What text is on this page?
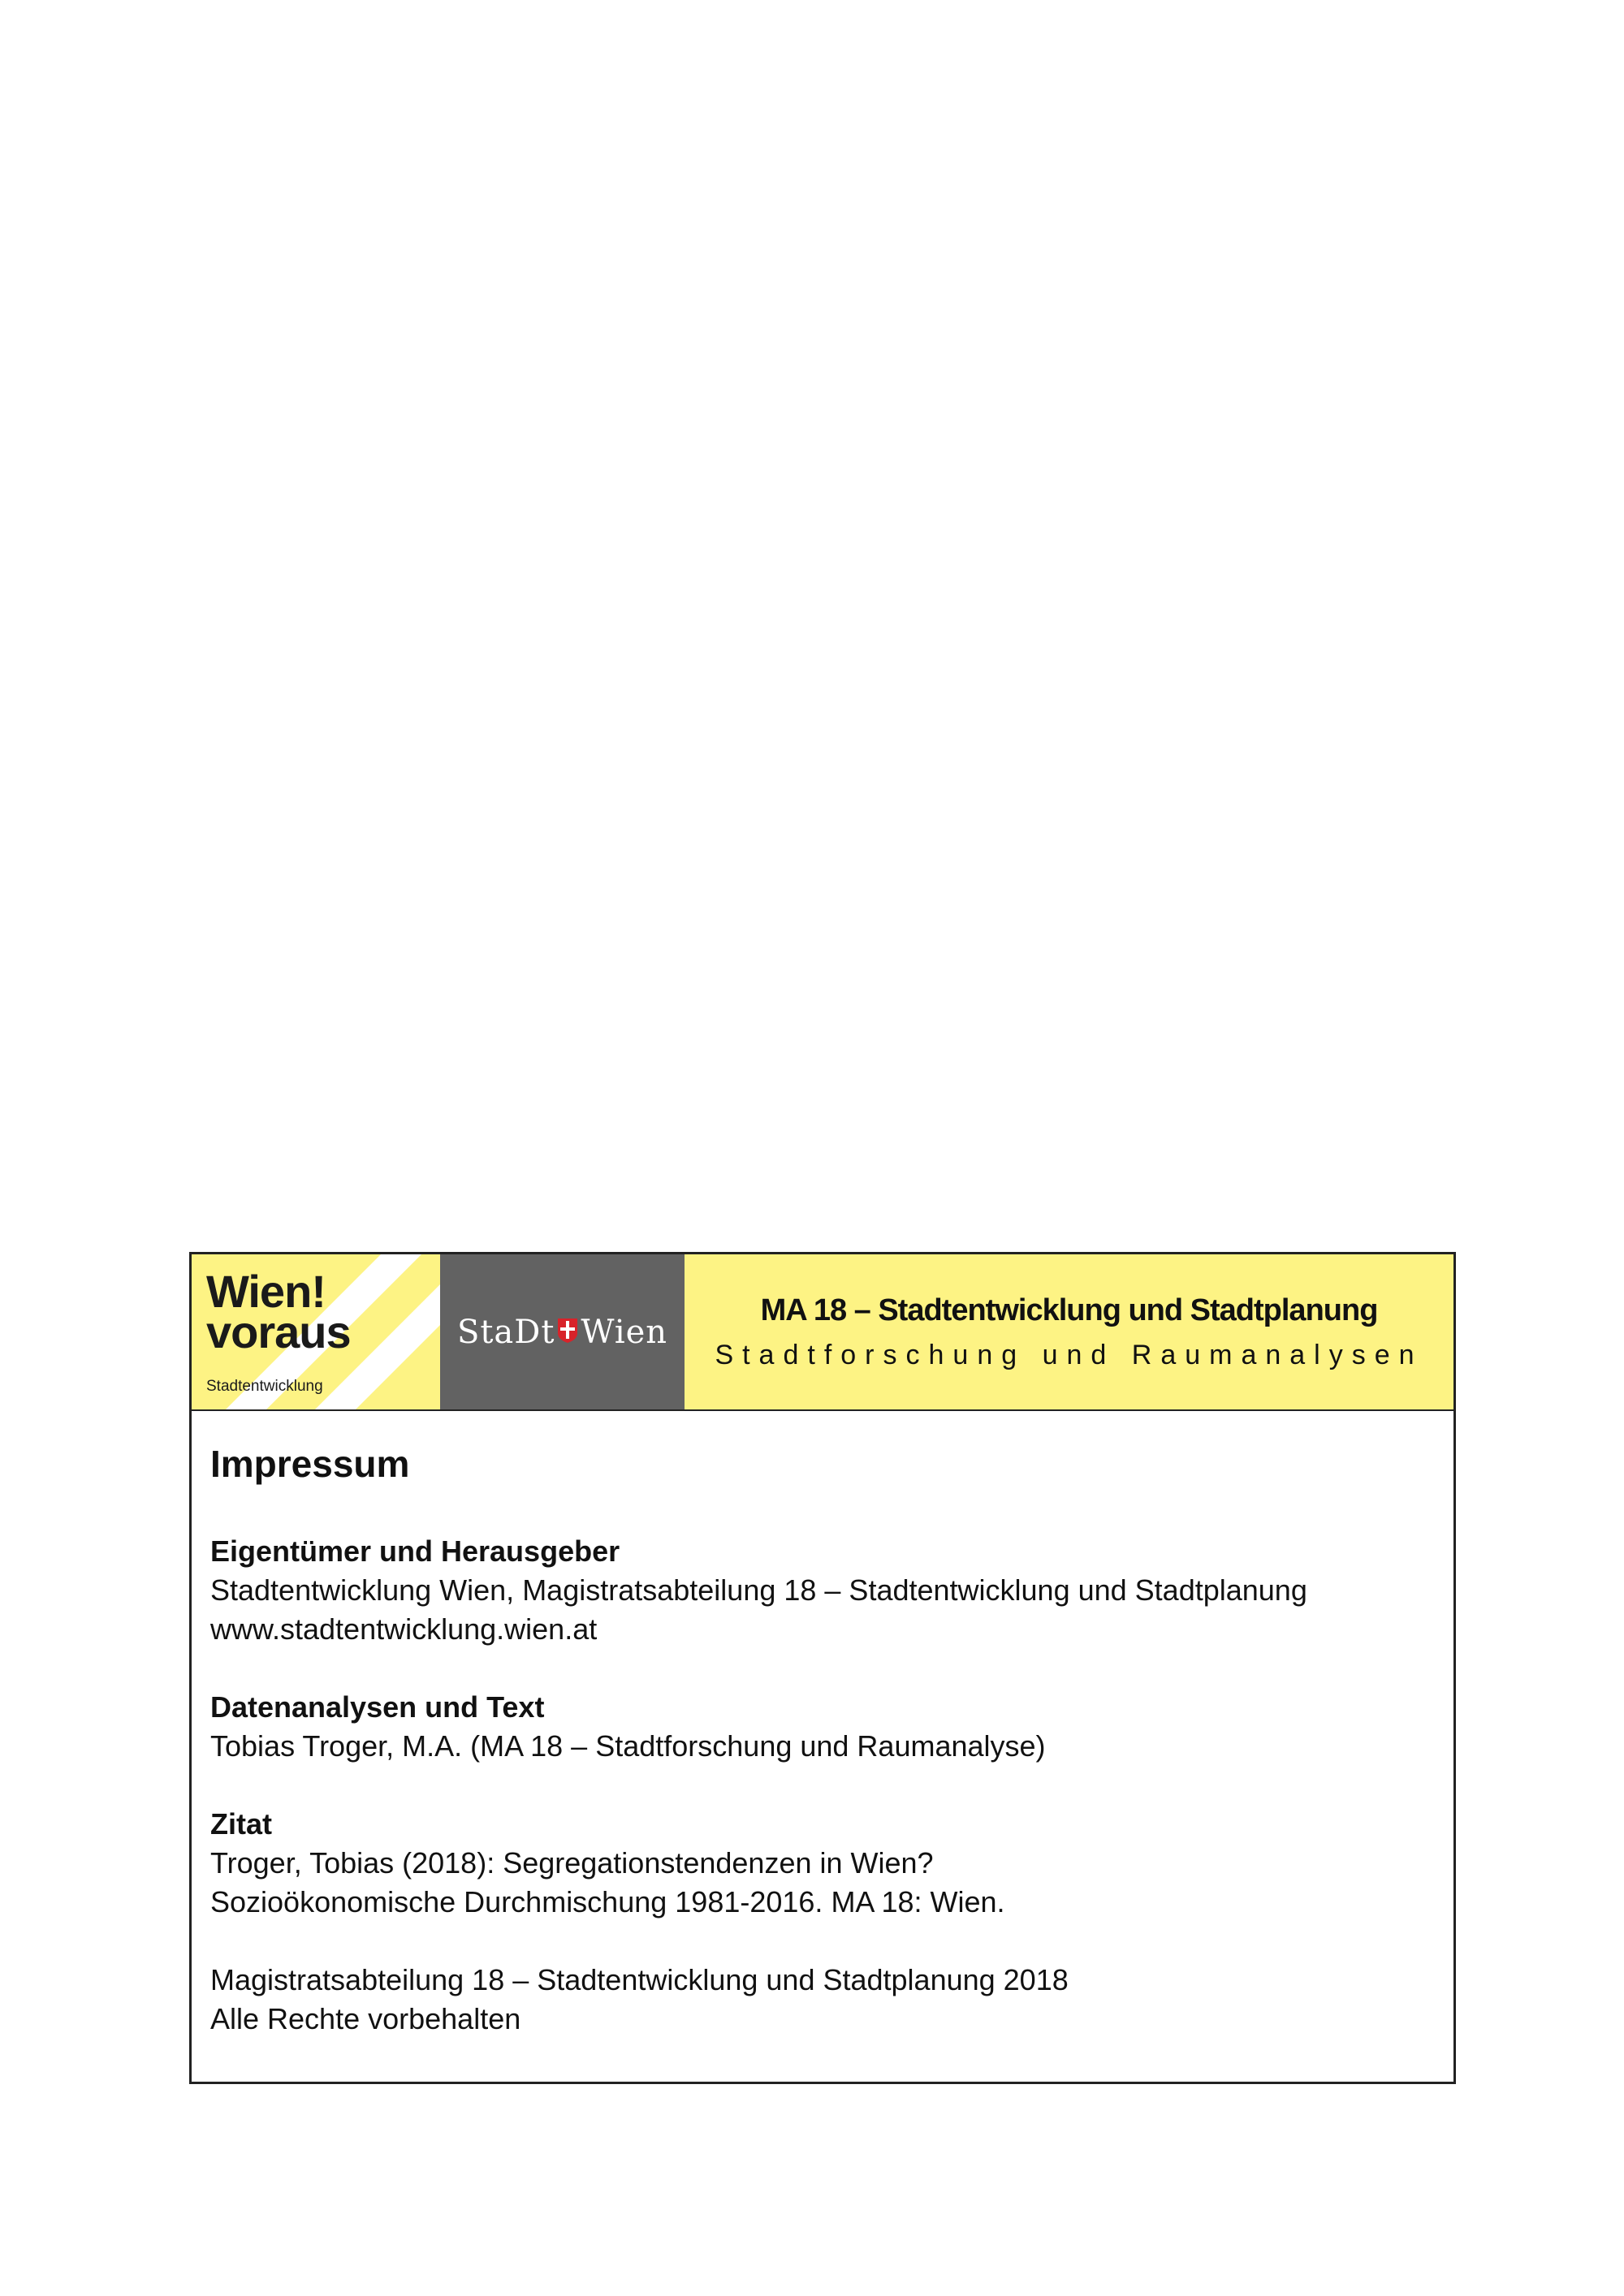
Wien!
voraus
Stadtentwicklung
StaDt Wien
MA 18 – Stadtentwicklung und Stadtplanung
Stadtforschung und Raumanalysen
Impressum
Eigentümer und Herausgeber
Stadtentwicklung Wien, Magistratsabteilung 18 – Stadtentwicklung und Stadtplanung
www.stadtentwicklung.wien.at
Datenanalysen und Text
Tobias Troger, M.A. (MA 18 – Stadtforschung und Raumanalyse)
Zitat
Troger, Tobias (2018): Segregationstendenzen in Wien?
Sozioökonomische Durchmischung 1981-2016. MA 18: Wien.
Magistratsabteilung 18 – Stadtentwicklung und Stadtplanung 2018
Alle Rechte vorbehalten
